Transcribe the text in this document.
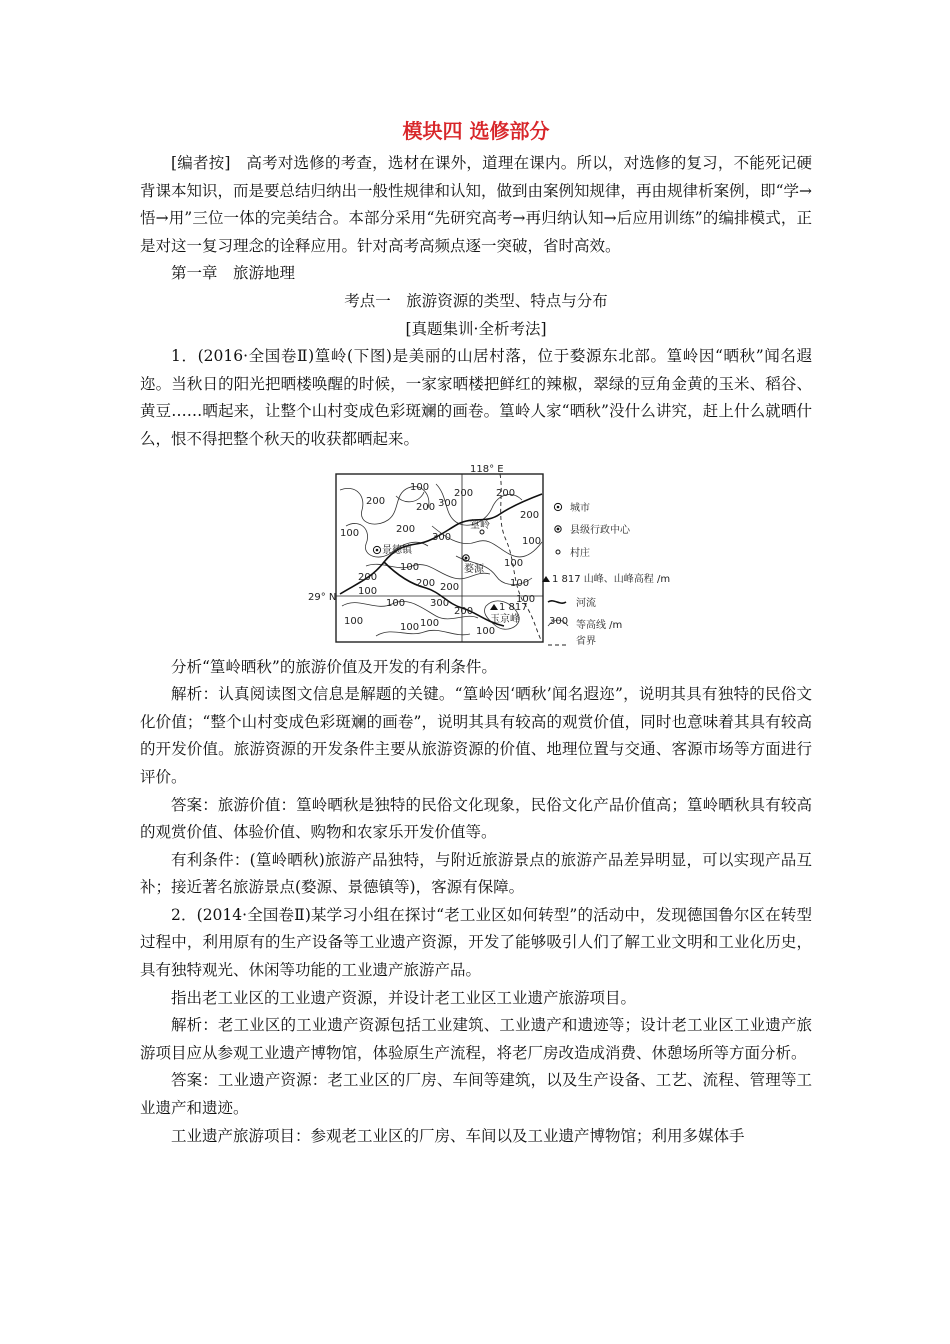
模块四 选修部分

[编者按]　高考对选修的考查，选材在课外，道理在课内。所以，对选修的复习，不能死记硬背课本知识，而是要总结归纳出一般性规律和认知，做到由案例知规律，再由规律析案例，即“学→悟→用”三位一体的完美结合。本部分采用“先研究高考→再归纳认知→后应用训练”的编排模式，正是对这一复习理念的诠释应用。针对高考高频点逐一突破，省时高效。

第一章　旅游地理

考点一　旅游资源的类型、特点与分布

[真题集训·全析考法]

1．(2016·全国卷Ⅱ)篁岭(下图)是美丽的山居村落，位于婺源东北部。篁岭因“晒秋”闻名遐迩。当秋日的阳光把晒楼唤醒的时候，一家家晒楼把鲜红的辣椒，翠绿的豆角金黄的玉米、稻谷、黄豆……晒起来，让整个山村变成色彩斑斓的画卷。篁岭人家“晒秋”没什么讲究，赶上什么就晒什么，恨不得把整个秋天的收获都晒起来。

118° E
29° N
景德镇
篁岭
婺源
1 817
玉京峰
200
100
200 300
200 200
200
100	200
300	100
200
100
100
200
100
100
200
100
100
300
200
100 100
100
100
城市
县级行政中心
村庄
1 817 山峰、山峰高程 /m
河流
300 等高线 /m
省界

分析“篁岭晒秋”的旅游价值及开发的有利条件。

解析：认真阅读图文信息是解题的关键。“篁岭因‘晒秋’闻名遐迩”，说明其具有独特的民俗文化价值；“整个山村变成色彩斑斓的画卷”，说明其具有较高的观赏价值，同时也意味着其具有较高的开发价值。旅游资源的开发条件主要从旅游资源的价值、地理位置与交通、客源市场等方面进行评价。

答案：旅游价值：篁岭晒秋是独特的民俗文化现象，民俗文化产品价值高；篁岭晒秋具有较高的观赏价值、体验价值、购物和农家乐开发价值等。

有利条件：(篁岭晒秋)旅游产品独特，与附近旅游景点的旅游产品差异明显，可以实现产品互补；接近著名旅游景点(婺源、景德镇等)，客源有保障。

2．(2014·全国卷Ⅱ)某学习小组在探讨“老工业区如何转型”的活动中，发现德国鲁尔区在转型过程中，利用原有的生产设备等工业遗产资源，开发了能够吸引人们了解工业文明和工业化历史，具有独特观光、休闲等功能的工业遗产旅游产品。

指出老工业区的工业遗产资源，并设计老工业区工业遗产旅游项目。

解析：老工业区的工业遗产资源包括工业建筑、工业遗产和遗迹等；设计老工业区工业遗产旅游项目应从参观工业遗产博物馆，体验原生产流程，将老厂房改造成消费、休憩场所等方面分析。

答案：工业遗产资源：老工业区的厂房、车间等建筑，以及生产设备、工艺、流程、管理等工业遗产和遗迹。

工业遗产旅游项目：参观老工业区的厂房、车间以及工业遗产博物馆；利用多媒体手
